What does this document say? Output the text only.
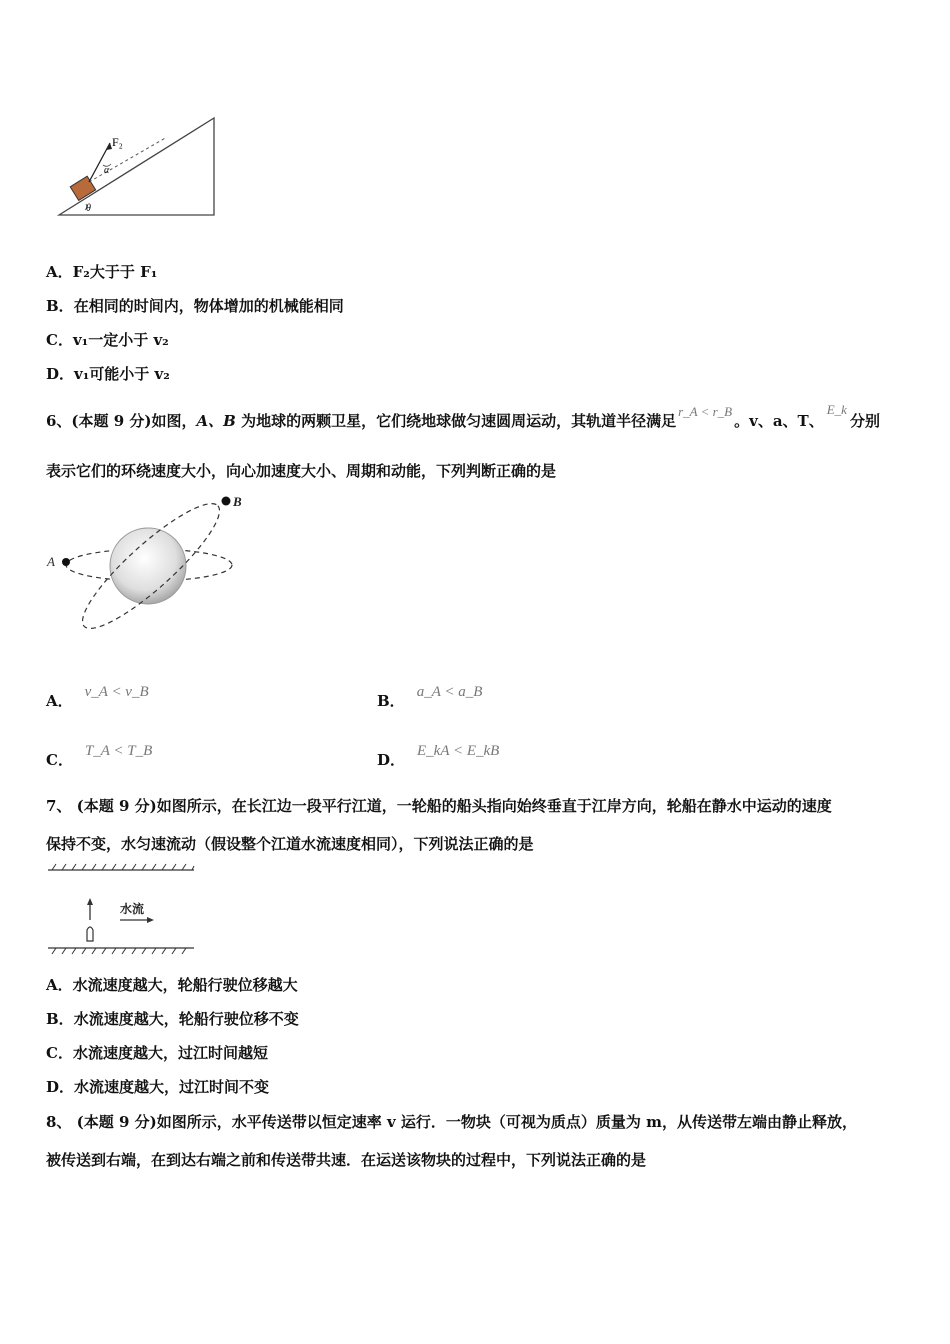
F₂
α
θ
A．F₂大于于 F₁
B．在相同的时间内，物体增加的机械能相同
C．v₁一定小于 v₂
D．v₁可能小于 v₂
6、(本题 9 分)如图，A、B 为地球的两颗卫星，它们绕地球做匀速圆周运动，其轨道半径满足r_A < r_B。v、a、T、E_k分别
表示它们的环绕速度大小，向心加速度大小、周期和动能，下列判断正确的是
A
B
A． v_A < v_B	B． a_A < a_B
C． T_A < T_B	D． E_kA < E_kB
7、 (本题 9 分)如图所示，在长江边一段平行江道，一轮船的船头指向始终垂直于江岸方向，轮船在静水中运动的速度
保持不变，水匀速流动（假设整个江道水流速度相同），下列说法正确的是
水流
A．水流速度越大，轮船行驶位移越大
B．水流速度越大，轮船行驶位移不变
C．水流速度越大，过江时间越短
D．水流速度越大，过江时间不变
8、 (本题 9 分)如图所示，水平传送带以恒定速率 v 运行．一物块（可视为质点）质量为 m，从传送带左端由静止释放，
被传送到右端，在到达右端之前和传送带共速．在运送该物块的过程中，下列说法正确的是
